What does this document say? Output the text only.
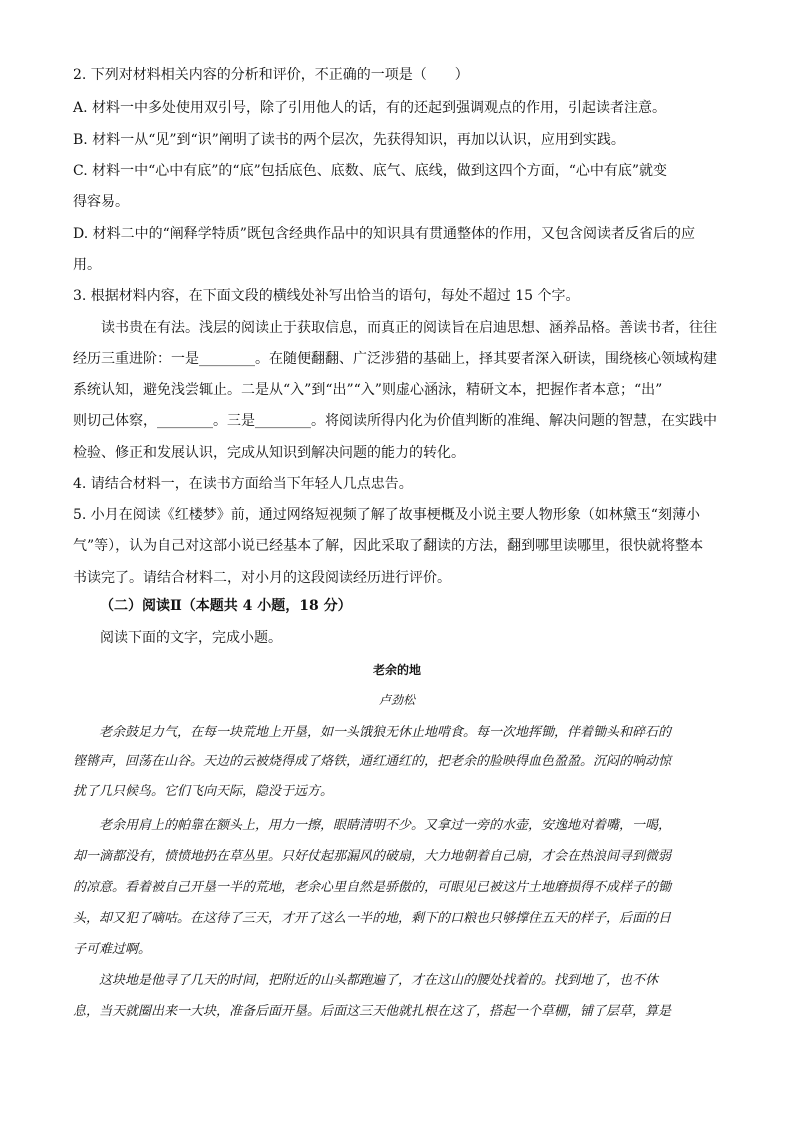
2. 下列对材料相关内容的分析和评价，不正确的一项是（　　）
A. 材料一中多处使用双引号，除了引用他人的话，有的还起到强调观点的作用，引起读者注意。
B. 材料一从“见”到“识”阐明了读书的两个层次，先获得知识，再加以认识，应用到实践。
C. 材料一中“心中有底”的“底”包括底色、底数、底气、底线，做到这四个方面，“心中有底”就变
得容易。
D. 材料二中的“阐释学特质”既包含经典作品中的知识具有贯通整体的作用，又包含阅读者反省后的应
用。
3. 根据材料内容，在下面文段的横线处补写出恰当的语句，每处不超过 15 个字。
读书贵在有法。浅层的阅读止于获取信息，而真正的阅读旨在启迪思想、涵养品格。善读书者，往往
经历三重进阶：一是________。在随便翻翻、广泛涉猎的基础上，择其要者深入研读，围绕核心领域构建
系统认知，避免浅尝辄止。二是从“入”到“出”“入”则虚心涵泳，精研文本，把握作者本意；“出”
则切己体察，________。三是________。将阅读所得内化为价值判断的准绳、解决问题的智慧，在实践中
检验、修正和发展认识，完成从知识到解决问题的能力的转化。
4. 请结合材料一，在读书方面给当下年轻人几点忠告。
5. 小月在阅读《红楼梦》前，通过网络短视频了解了故事梗概及小说主要人物形象（如林黛玉“刻薄小
气”等），认为自己对这部小说已经基本了解，因此采取了翻读的方法，翻到哪里读哪里，很快就将整本
书读完了。请结合材料二，对小月的这段阅读经历进行评价。
（二）阅读Ⅱ（本题共 4 小题，18 分）
阅读下面的文字，完成小题。
老余的地
卢劲松

老余鼓足力气，在每一块荒地上开垦，如一头饿狼无休止地啃食。每一次地挥锄，伴着锄头和碎石的

铿锵声，回荡在山谷。天边的云被烧得成了烙铁，通红通红的，把老余的脸映得血色盈盈。沉闷的响动惊
扰了几只候鸟。它们飞向天际，隐没于远方。

老余用肩上的帕靠在额头上，用力一擦，眼睛清明不少。又拿过一旁的水壶，安逸地对着嘴，一喝，

却一滴都没有，愤愤地扔在草丛里。只好仗起那漏风的破扇，大力地朝着自己扇，才会在热浪间寻到微弱
的凉意。看着被自己开垦一半的荒地，老余心里自然是骄傲的，可眼见已被这片土地磨损得不成样子的锄
头，却又犯了嘀咕。在这待了三天，才开了这么一半的地，剩下的口粮也只够撑住五天的样子，后面的日
子可难过啊。

这块地是他寻了几天的时间，把附近的山头都跑遍了，才在这山的腰处找着的。找到地了，也不休

息，当天就圈出来一大块，准备后面开垦。后面这三天他就扎根在这了，搭起一个草棚，铺了层草，算是
